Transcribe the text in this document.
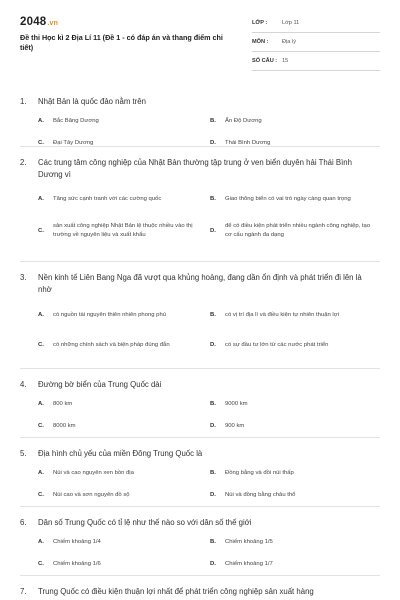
2048.vn
Đề thi Học kì 2 Địa Lí 11 (Đề 1 - có đáp án và thang điểm chi tiết)
LỚP :	Lớp 11
MÔN :	Địa lý
SỐ CÂU : 15
1.	Nhật Bản là quốc đảo nằm trên
A.	Bắc Băng Dương	B.	Ấn Độ Dương
C.	Đại Tây Dương	D.	Thái Bình Dương
2.	Các trung tâm công nghiệp của Nhật Bản thường tập trung ở ven biển duyên hải Thái Bình Dương vì
A.	Tăng sức cạnh tranh với các cường quốc	B.	Giao thông biển có vai trò ngày càng quan trọng
C.
sản xuất công nghiệp Nhật Bản lệ thuộc nhiều vào thị trường về nguyên liệu và xuất khẩu
D.
để có điều kiện phát triển nhiều ngành công nghiệp, tạo cơ cấu ngành đa dạng
3.	Nền kinh tế Liên Bang Nga đã vượt qua khủng hoảng, đang dần ổn định và phát triển đi lên là nhờ
A.	có nguồn tài nguyên thiên nhiên phong phú	B.	có vị trí địa lí và điều kiện tự nhiên thuận lợi
C.	có những chính sách và biện pháp đúng đắn	D.	có sự đầu tư lớn từ các nước phát triển
4.	Đường bờ biển của Trung Quốc dài
A.	800 km	B.	9000 km
C.	8000 km	D.	900 km
5.	Địa hình chủ yếu của miền Đông Trung Quốc là
A.	Núi và cao nguyên xen bồn địa	B.	Đồng bằng và đồi núi thấp
C.	Núi cao và sơn nguyên đồ sộ	D.	Núi và đồng bằng châu thổ
6.	Dân số Trung Quốc có tỉ lệ như thế nào so với dân số thế giới
A.	Chiếm khoảng 1/4	B.	Chiếm khoảng 1/5
C.	Chiếm khoảng 1/6	D.	Chiếm khoảng 1/7
7.	Trung Quốc có điều kiện thuận lợi nhất để phát triển công nghiệp sản xuất hàng
